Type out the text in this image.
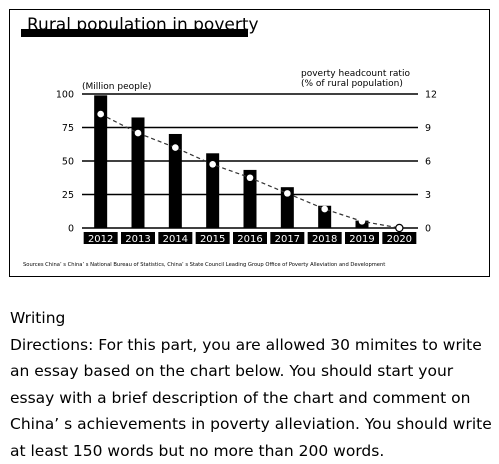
Rural population in poverty
(Million people)
poverty headcount ratio
(% of rural population)
2012 2013 2014 2015 2016 2017 2018 2019 2020
100	12
75	9
50	6
25	3
0	0
Sources China’ s China’ s National Bureau of Statistics, China’ s State Council Leading Group Office of Poverty Alleviation and Development

Writing

Directions: For this part, you are allowed 30 mimites to write an essay based on the chart below. You should start your essay with a brief description of the chart and comment on China’ s achievements in poverty alleviation. You should write at least 150 words but no more than 200 words.
